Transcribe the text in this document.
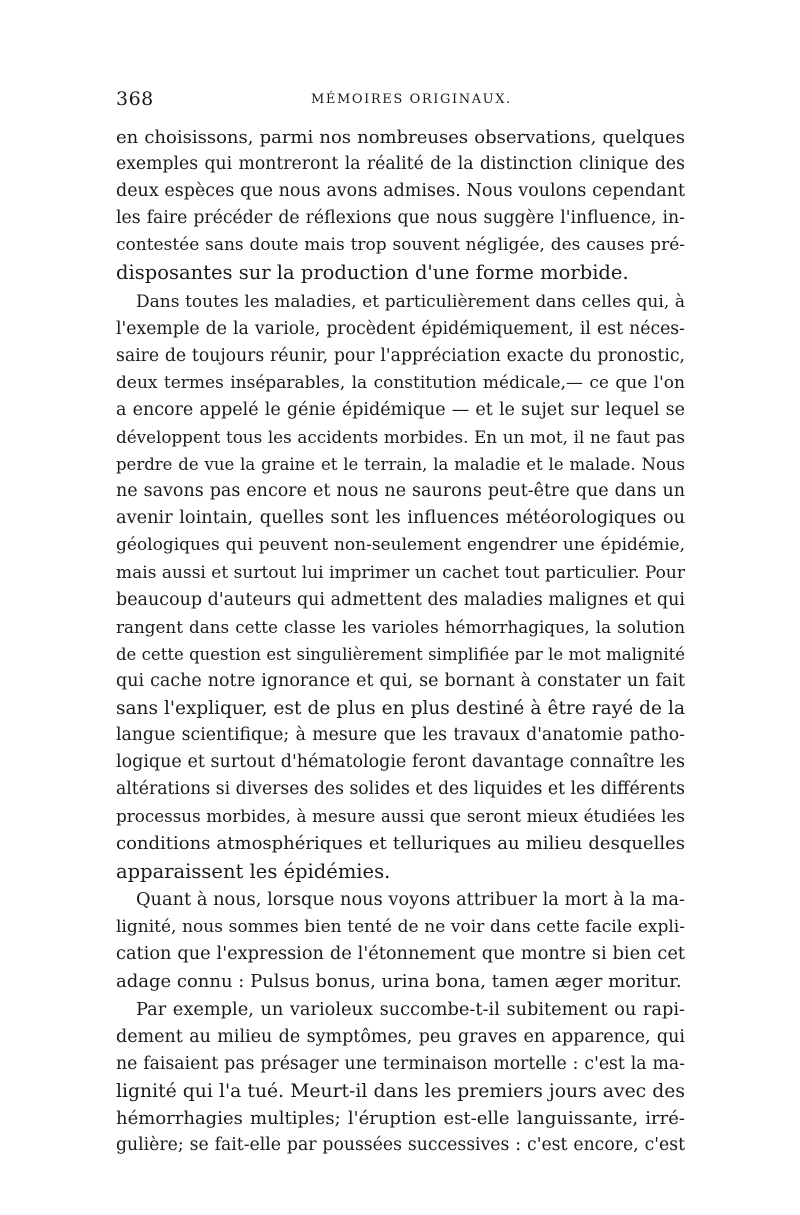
368	MÉMOIRES ORIGINAUX.
en choisissons, parmi nos nombreuses observations, quelques
exemples qui montreront la réalité de la distinction clinique des
deux espèces que nous avons admises. Nous voulons cependant
les faire précéder de réflexions que nous suggère l'influence, in-
contestée sans doute mais trop souvent négligée, des causes pré-
disposantes sur la production d'une forme morbide.
Dans toutes les maladies, et particulièrement dans celles qui, à
l'exemple de la variole, procèdent épidémiquement, il est néces-
saire de toujours réunir, pour l'appréciation exacte du pronostic,
deux termes inséparables, la constitution médicale,— ce que l'on
a encore appelé le génie épidémique — et le sujet sur lequel se
développent tous les accidents morbides. En un mot, il ne faut pas
perdre de vue la graine et le terrain, la maladie et le malade. Nous
ne savons pas encore et nous ne saurons peut-être que dans un
avenir lointain, quelles sont les influences météorologiques ou
géologiques qui peuvent non-seulement engendrer une épidémie,
mais aussi et surtout lui imprimer un cachet tout particulier. Pour
beaucoup d'auteurs qui admettent des maladies malignes et qui
rangent dans cette classe les varioles hémorrhagiques, la solution
de cette question est singulièrement simplifiée par le mot malignité
qui cache notre ignorance et qui, se bornant à constater un fait
sans l'expliquer, est de plus en plus destiné à être rayé de la
langue scientifique; à mesure que les travaux d'anatomie patho-
logique et surtout d'hématologie feront davantage connaître les
altérations si diverses des solides et des liquides et les différents
processus morbides, à mesure aussi que seront mieux étudiées les
conditions atmosphériques et telluriques au milieu desquelles
apparaissent les épidémies.
Quant à nous, lorsque nous voyons attribuer la mort à la ma-
lignité, nous sommes bien tenté de ne voir dans cette facile expli-
cation que l'expression de l'étonnement que montre si bien cet
adage connu : Pulsus bonus, urina bona, tamen æger moritur.
Par exemple, un varioleux succombe-t-il subitement ou rapi-
dement au milieu de symptômes, peu graves en apparence, qui
ne faisaient pas présager une terminaison mortelle : c'est la ma-
lignité qui l'a tué. Meurt-il dans les premiers jours avec des
hémorrhagies multiples; l'éruption est-elle languissante, irré-
gulière; se fait-elle par poussées successives : c'est encore, c'est
